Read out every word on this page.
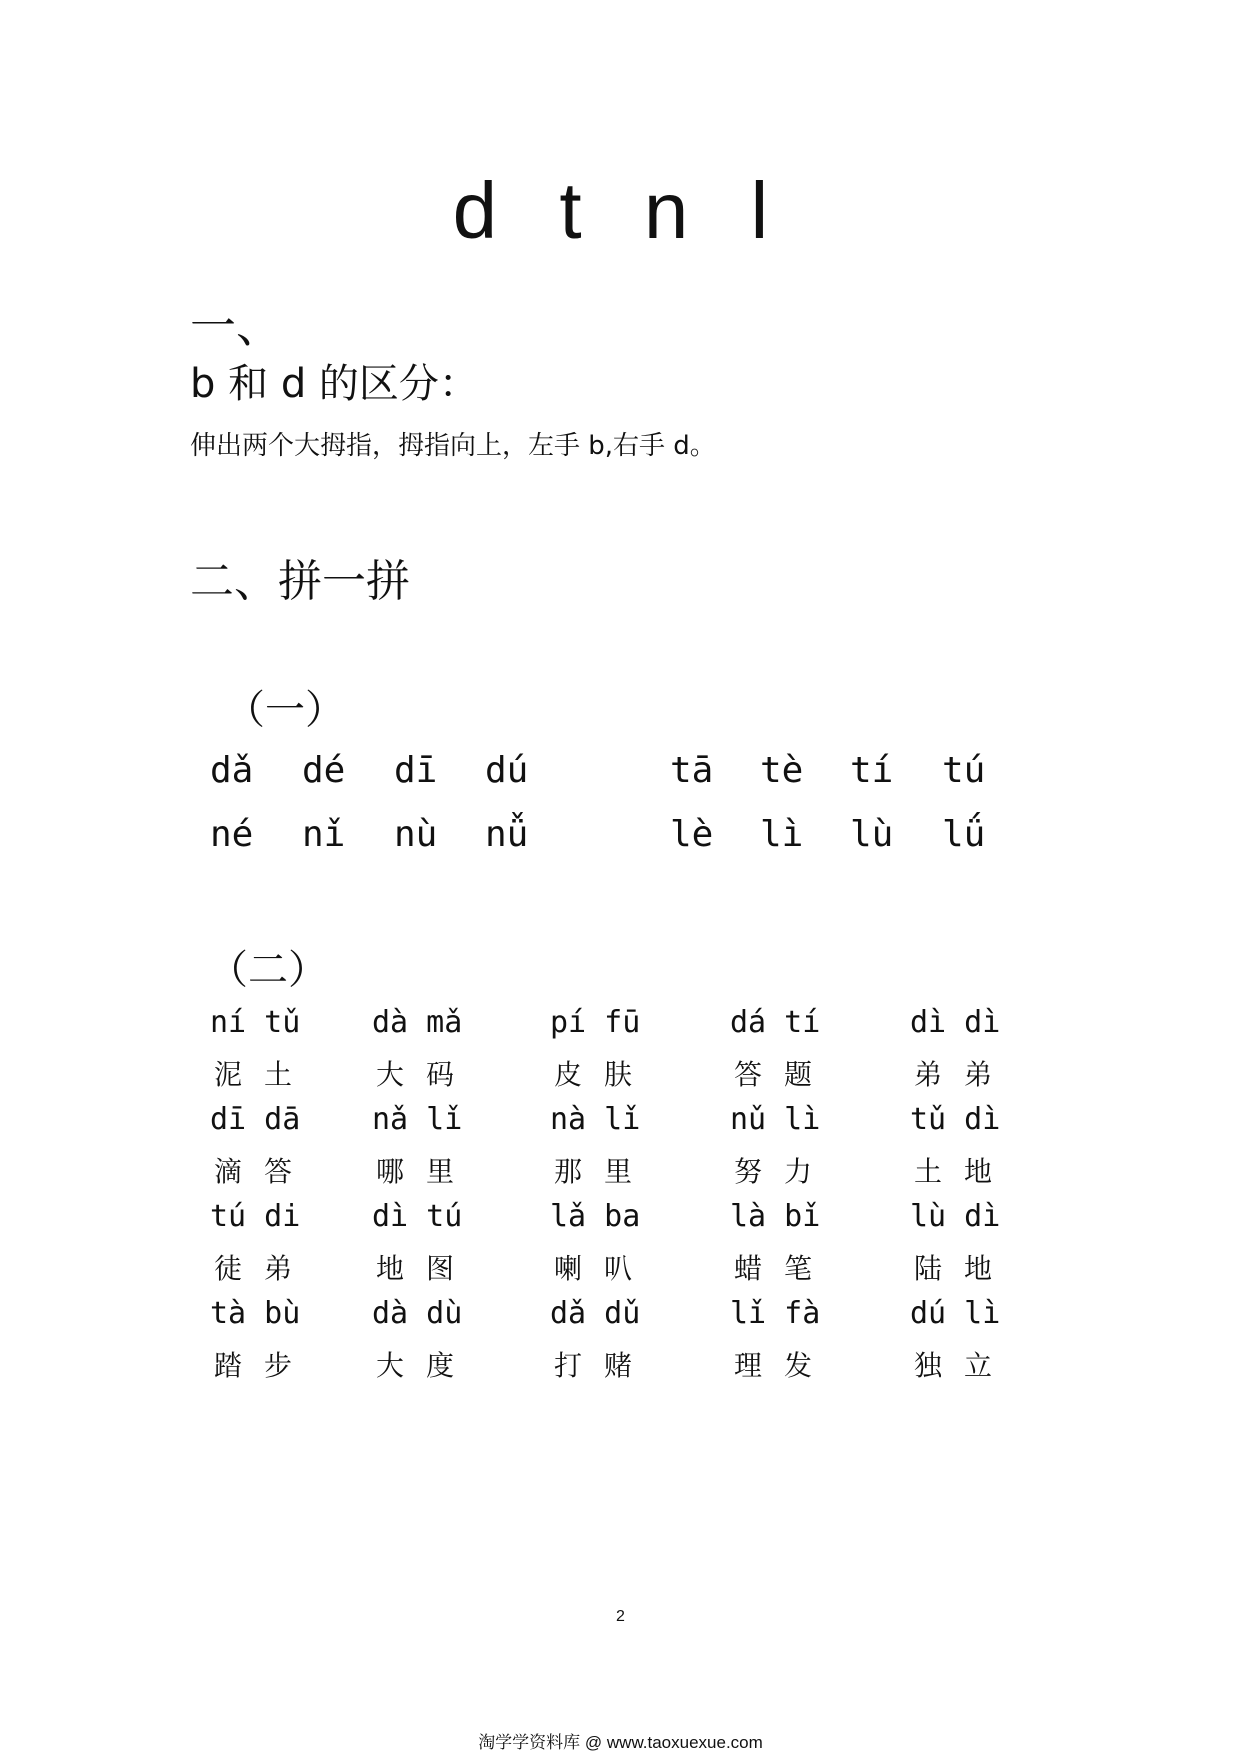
d t n l
一、
b 和 d 的区分：
伸出两个大拇指，拇指向上，左手 b,右手 d。
二、拼一拼
（一）
dǎ dé dī dú	tā tè tí tú
né nǐ nù nǚ	lè lì lù lǘ
（二）
ní tǔ
泥土
dà mǎ
大码
pí fū
皮肤
dá tí
答题
dì dì
弟弟
dī dā
滴答
nǎ lǐ
哪里
nà lǐ
那里
nǔ lì
努力
tǔ dì
土地
tú di
徒弟
dì tú
地图
lǎ ba
喇叭
là bǐ
蜡笔
lù dì
陆地
tà bù
踏步
dà dù
大度
dǎ dǔ
打赌
lǐ fà
理发
dú lì
独立
2
淘学学资料库 @ www.taoxuexue.com
